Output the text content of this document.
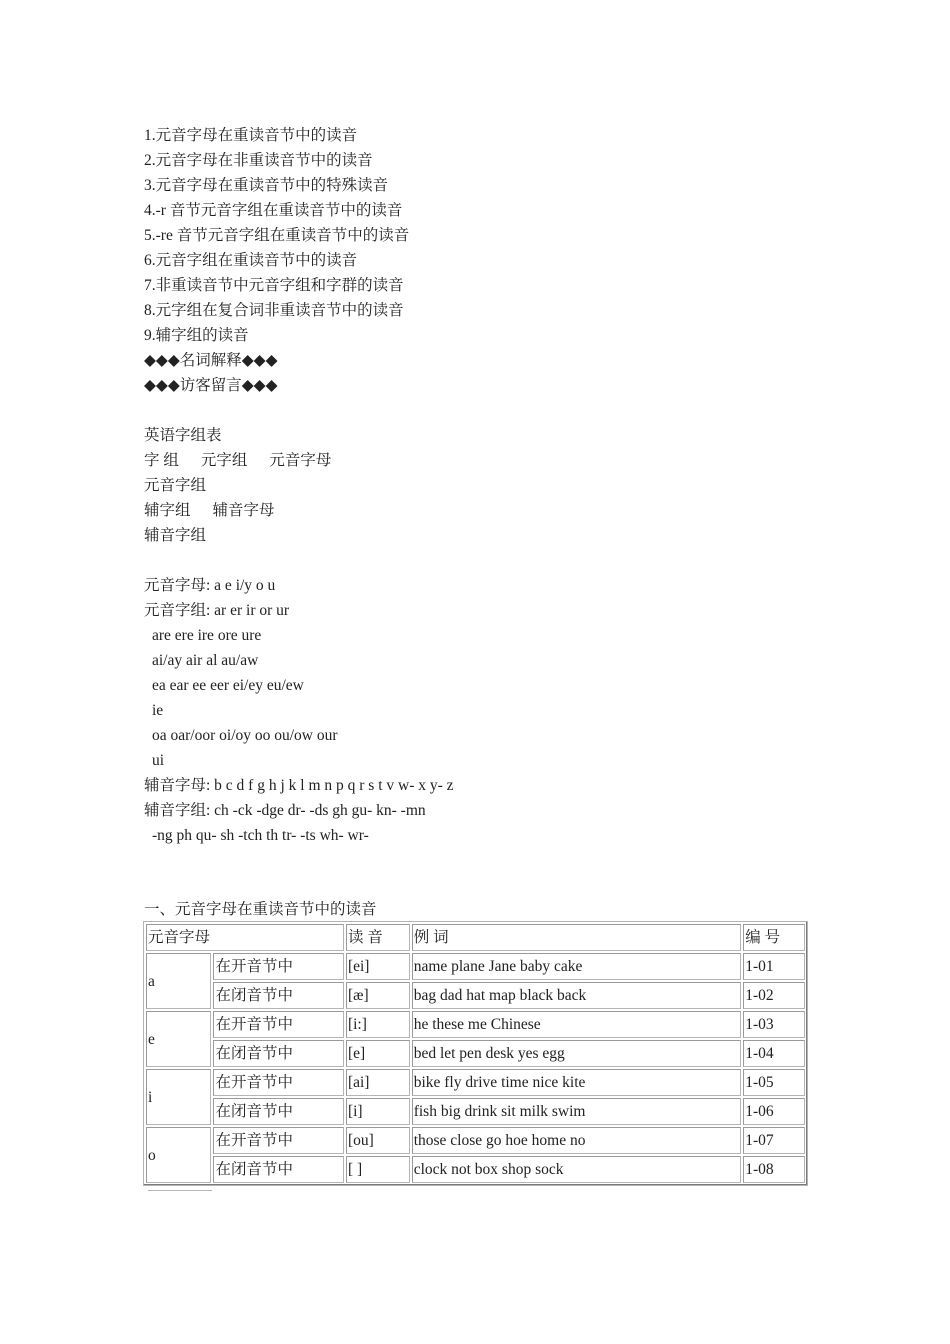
1.元音字母在重读音节中的读音
2.元音字母在非重读音节中的读音
3.元音字母在重读音节中的特殊读音
4.-r 音节元音字组在重读音节中的读音
5.-re 音节元音字组在重读音节中的读音
6.元音字组在重读音节中的读音
7.非重读音节中元音字组和字群的读音
8.元字组在复合词非重读音节中的读音
9.辅字组的读音
◆◆◆名词解释◆◆◆
◆◆◆访客留言◆◆◆
英语字组表
字 组 元字组 元音字母
元音字组
辅字组 辅音字母
辅音字组
元音字母: a e i/y o u
元音字组: ar er ir or ur
are ere ire ore ure
ai/ay air al au/aw
ea ear ee eer ei/ey eu/ew
ie
oa oar/oor oi/oy oo ou/ow our
ui
辅音字母: b c d f g h j k l m n p q r s t v w- x y- z
辅音字组: ch -ck -dge dr- -ds gh gu- kn- -mn
-ng ph qu- sh -tch th tr- -ts wh- wr-
一、元音字母在重读音节中的读音
元音字母		读 音	例 词	编 号
a	在开音节中	[ei]	name plane Jane baby cake	1-01
	在闭音节中	[æ]	bag dad hat map black back	1-02
e	在开音节中	[i:]	he these me Chinese	1-03
	在闭音节中	[e]	bed let pen desk yes egg	1-04
i	在开音节中	[ai]	bike fly drive time nice kite	1-05
	在闭音节中	[i]	fish big drink sit milk swim	1-06
o	在开音节中	[ou]	those close go hoe home no	1-07
	在闭音节中	[ ]	clock not box shop sock	1-08
